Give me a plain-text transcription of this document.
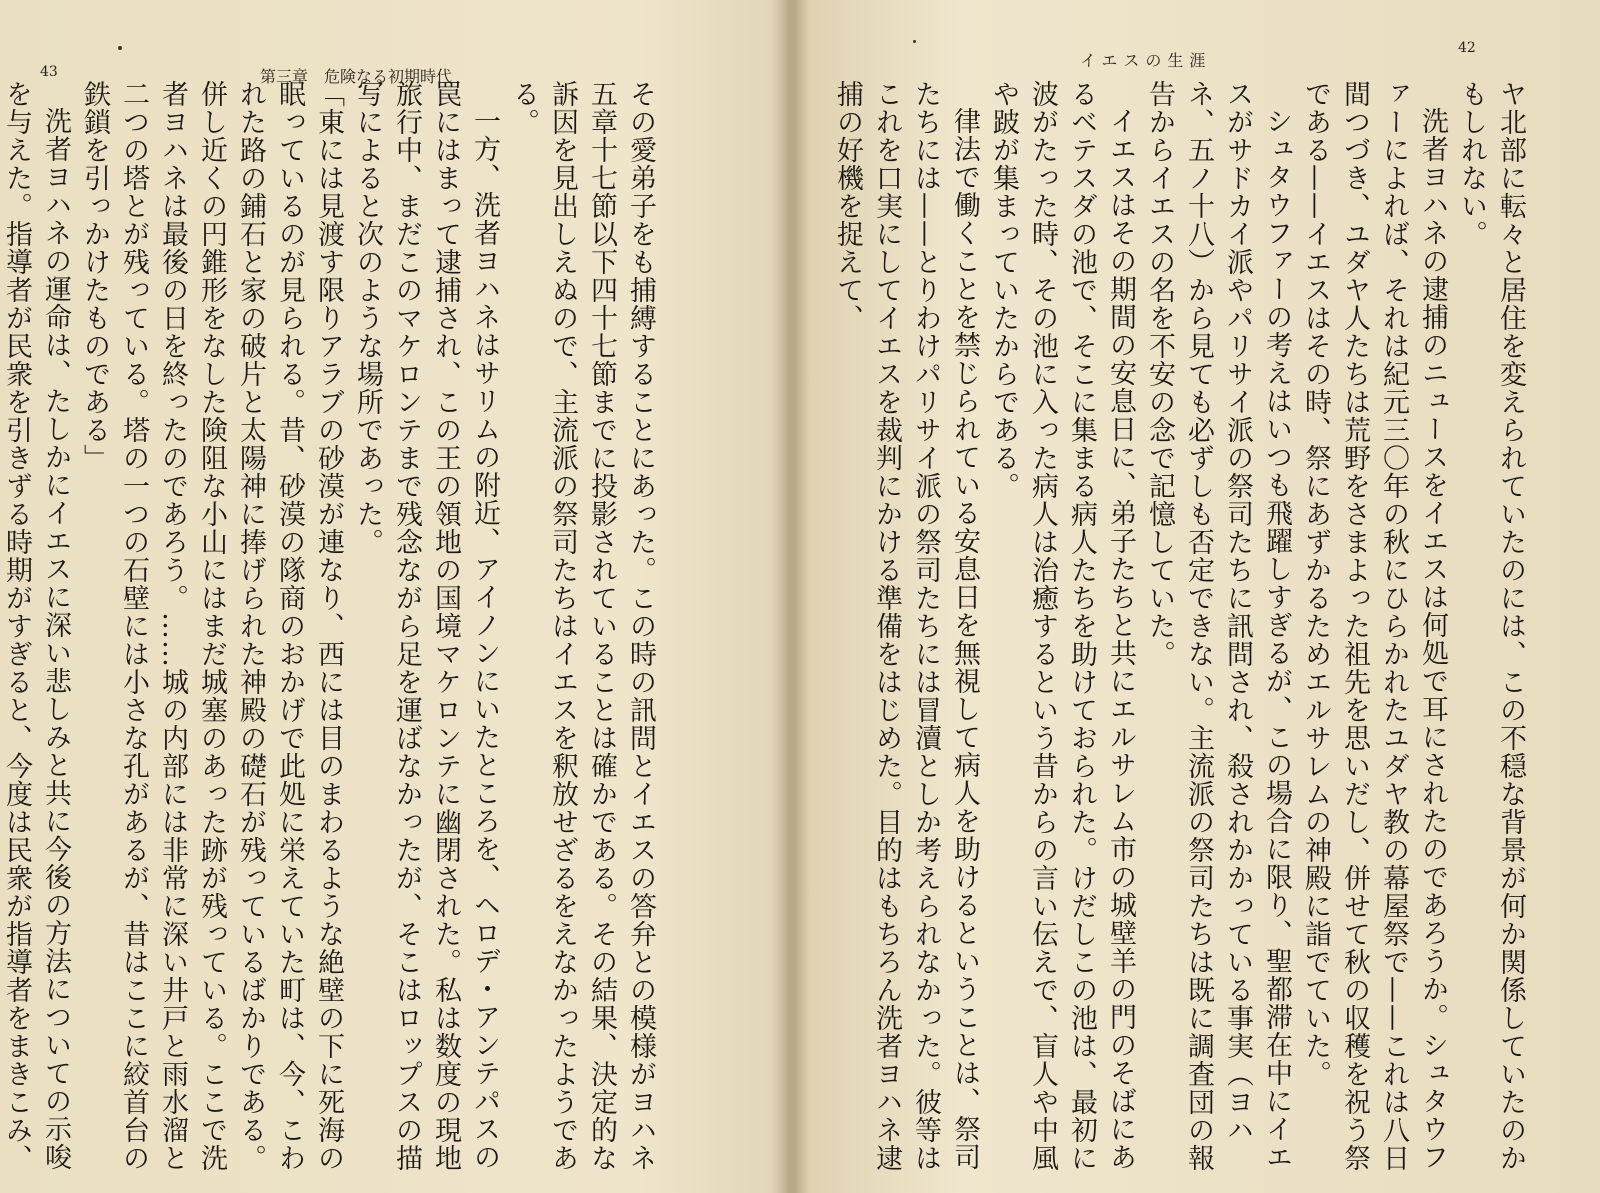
43	第三章　危険なる初期時代

その愛弟子をも捕縛することにあった。この時の訊問とイエスの答弁との模様がヨハネ五章十七節以下四十七節までに投影されていることは確かである。その結果、決定的な訴因を見出しえぬので、主流派の祭司たちはイエスを釈放せざるをえなかったようである。

一方、洗者ヨハネはサリムの附近、アイノンにいたところを、ヘロデ・アンテパスの罠にはまって逮捕され、この王の領地の国境マケロンテに幽閉された。私は数度の現地旅行中、まだこのマケロンテまで残念ながら足を運ばなかったが、そこはロップスの描写によると次のような場所であった。

「東には見渡す限りアラブの砂漠が連なり、西には目のまわるような絶壁の下に死海の眠っているのが見られる。昔、砂漠の隊商のおかげで此処に栄えていた町は、今、こわれた路の鋪石と家の破片と太陽神に捧げられた神殿の礎石が残っているばかりである。併し近くの円錐形をなした険阻な小山にはまだ城塞のあった跡が残っている。ここで洗者ヨハネは最後の日を終ったのであろう。……城の内部には非常に深い井戸と雨水溜と二つの塔とが残っている。塔の一つの石壁には小さな孔があるが、昔はここに絞首台の鉄鎖を引っかけたものである」

洗者ヨハネの運命は、たしかにイエスに深い悲しみと共に今後の方法についての示唆を与えた。指導者が民衆を引きずる時期がすぎると、今度は民衆が指導者をまきこみ、

イエスの生涯
42

ヤ北部に転々と居住を変えられていたのには、この不穏な背景が何か関係していたのかもしれない。

洗者ヨハネの逮捕のニュースをイエスは何処で耳にされたのであろうか。シュタウファーによれば、それは紀元三〇年の秋にひらかれたユダヤ教の幕屋祭で——これは八日間つづき、ユダヤ人たちは荒野をさまよった祖先を思いだし、併せて秋の収穫を祝う祭である——イエスはその時、祭にあずかるためエルサレムの神殿に詣でていた。

シュタウファーの考えはいつも飛躍しすぎるが、この場合に限り、聖都滞在中にイエスがサドカイ派やパリサイ派の祭司たちに訊問され、殺されかかっている事実（ヨハネ、五ノ十八）から見ても必ずしも否定できない。主流派の祭司たちは既に調査団の報告からイエスの名を不安の念で記憶していた。

イエスはその期間の安息日に、弟子たちと共にエルサレム市の城壁羊の門のそばにあるベテスダの池で、そこに集まる病人たちを助けておられた。けだしこの池は、最初に波がたった時、その池に入った病人は治癒するという昔からの言い伝えで、盲人や中風や跛が集まっていたからである。

律法で働くことを禁じられている安息日を無視して病人を助けるということは、祭司たちには——とりわけパリサイ派の祭司たちには冒瀆としか考えられなかった。彼等はこれを口実にしてイエスを裁判にかける準備をはじめた。目的はもちろん洗者ヨハネ逮捕の好機を捉えて、
